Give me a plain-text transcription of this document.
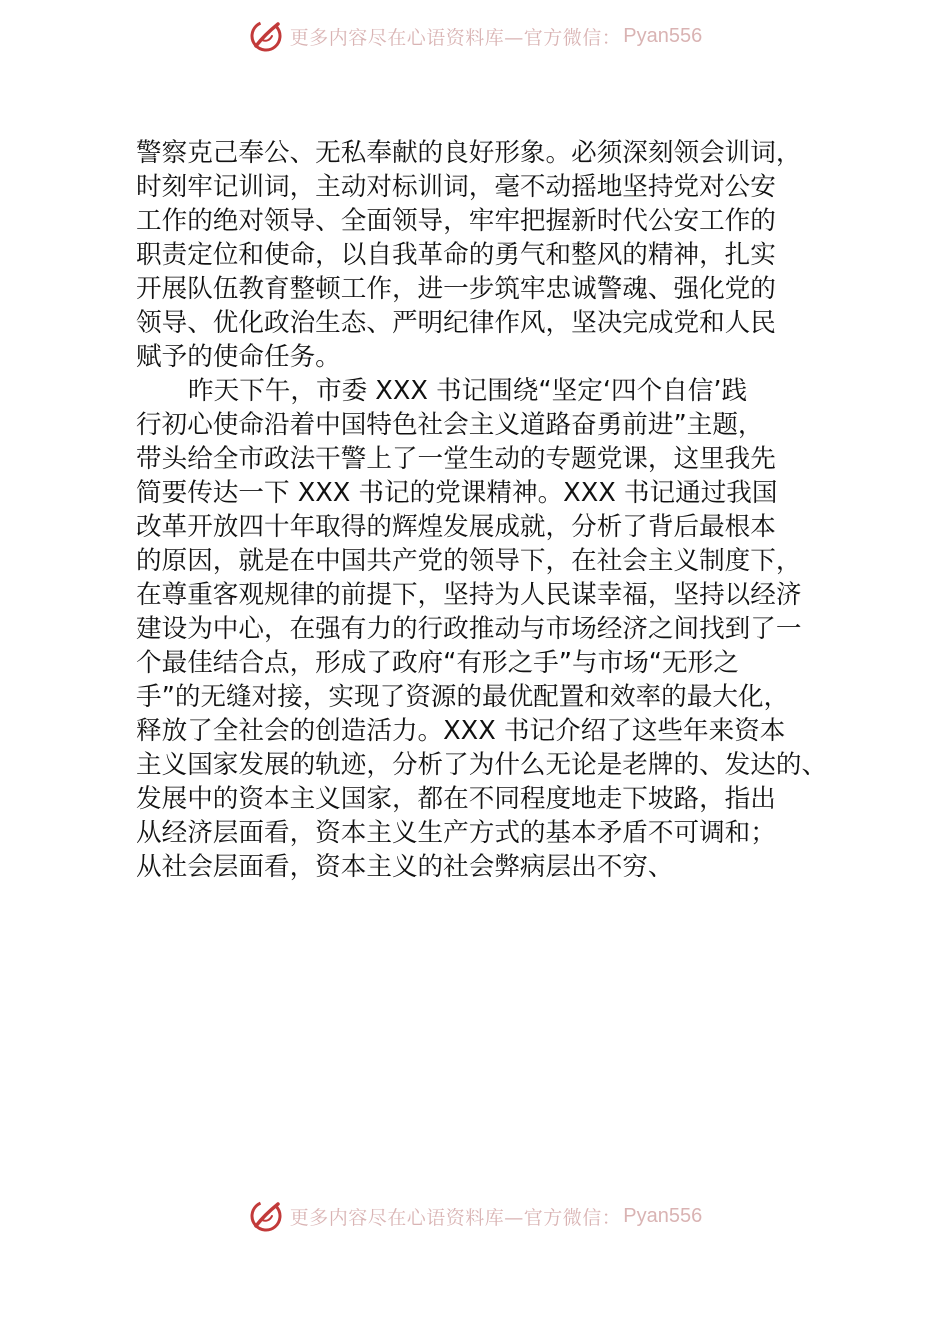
更多内容尽在心语资料库—官方微信： Pyan556
警察克己奉公、无私奉献的良好形象。必须深刻领会训词，
时刻牢记训词，主动对标训词，毫不动摇地坚持党对公安
工作的绝对领导、全面领导，牢牢把握新时代公安工作的
职责定位和使命，以自我革命的勇气和整风的精神，扎实
开展队伍教育整顿工作，进一步筑牢忠诚警魂、强化党的
领导、优化政治生态、严明纪律作风，坚决完成党和人民
赋予的使命任务。
昨天下午，市委 XXX 书记围绕“坚定‘四个自信’践
行初心使命沿着中国特色社会主义道路奋勇前进”主题，
带头给全市政法干警上了一堂生动的专题党课，这里我先
简要传达一下 XXX 书记的党课精神。XXX 书记通过我国
改革开放四十年取得的辉煌发展成就，分析了背后最根本
的原因，就是在中国共产党的领导下，在社会主义制度下，
在尊重客观规律的前提下，坚持为人民谋幸福，坚持以经济
建设为中心，在强有力的行政推动与市场经济之间找到了一
个最佳结合点，形成了政府“有形之手”与市场“无形之
手”的无缝对接，实现了资源的最优配置和效率的最大化，
释放了全社会的创造活力。XXX 书记介绍了这些年来资本
主义国家发展的轨迹，分析了为什么无论是老牌的、发达的、
发展中的资本主义国家，都在不同程度地走下坡路，指出
从经济层面看，资本主义生产方式的基本矛盾不可调和；
从社会层面看，资本主义的社会弊病层出不穷、
更多内容尽在心语资料库—官方微信： Pyan556
